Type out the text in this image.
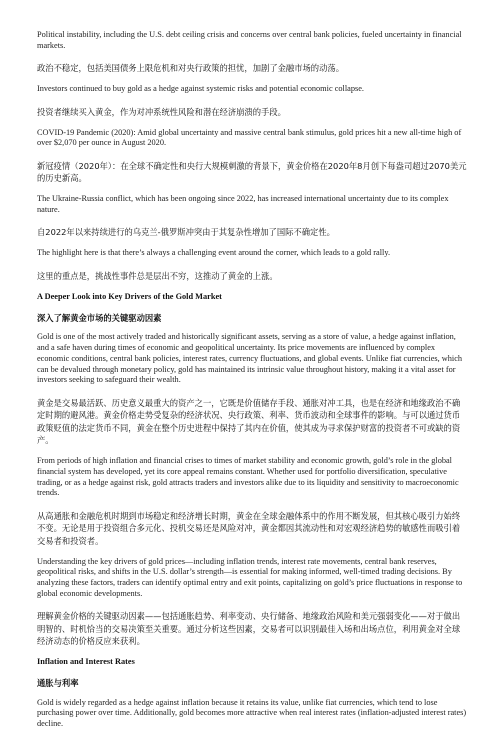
Political instability, including the U.S. debt ceiling crisis and concerns over central bank policies, fueled uncertainty in financial markets.

政治不稳定，包括美国债务上限危机和对央行政策的担忧，加剧了金融市场的动荡。

Investors continued to buy gold as a hedge against systemic risks and potential economic collapse.

投资者继续买入黄金，作为对冲系统性风险和潜在经济崩溃的手段。

COVID-19 Pandemic (2020): Amid global uncertainty and massive central bank stimulus, gold prices hit a new all-time high of over $2,070 per ounce in August 2020.

新冠疫情（2020年）：在全球不确定性和央行大规模刺激的背景下，黄金价格在2020年8月创下每盎司超过2070美元的历史新高。

The Ukraine-Russia conflict, which has been ongoing since 2022, has increased international uncertainty due to its complex nature.

自2022年以来持续进行的乌克兰-俄罗斯冲突由于其复杂性增加了国际不确定性。

The highlight here is that there’s always a challenging event around the corner, which leads to a gold rally.

这里的重点是，挑战性事件总是层出不穷，这推动了黄金的上涨。

A Deeper Look into Key Drivers of the Gold Market
深入了解黄金市场的关键驱动因素

Gold is one of the most actively traded and historically significant assets, serving as a store of value, a hedge against inflation, and a safe haven during times of economic and geopolitical uncertainty. Its price movements are influenced by complex economic conditions, central bank policies, interest rates, currency fluctuations, and global events. Unlike fiat currencies, which can be devalued through monetary policy, gold has maintained its intrinsic value throughout history, making it a vital asset for investors seeking to safeguard their wealth.

黄金是交易最活跃、历史意义最重大的资产之一，它既是价值储存手段、通胀对冲工具，也是在经济和地缘政治不确定时期的避风港。黄金价格走势受复杂的经济状况、央行政策、利率、货币波动和全球事件的影响。与可以通过货币政策贬值的法定货币不同，黄金在整个历史进程中保持了其内在价值，使其成为寻求保护财富的投资者不可或缺的资产。

From periods of high inflation and financial crises to times of market stability and economic growth, gold’s role in the global financial system has developed, yet its core appeal remains constant. Whether used for portfolio diversification, speculative trading, or as a hedge against risk, gold attracts traders and investors alike due to its liquidity and sensitivity to macroeconomic trends.

从高通胀和金融危机时期到市场稳定和经济增长时期，黄金在全球金融体系中的作用不断发展，但其核心吸引力始终不变。无论是用于投资组合多元化、投机交易还是风险对冲，黄金都因其流动性和对宏观经济趋势的敏感性而吸引着交易者和投资者。

Understanding the key drivers of gold prices—including inflation trends, interest rate movements, central bank reserves, geopolitical risks, and shifts in the U.S. dollar’s strength—is essential for making informed, well-timed trading decisions. By analyzing these factors, traders can identify optimal entry and exit points, capitalizing on gold’s price fluctuations in response to global economic developments.

理解黄金价格的关键驱动因素——包括通胀趋势、利率变动、央行储备、地缘政治风险和美元强弱变化——对于做出明智的、时机恰当的交易决策至关重要。通过分析这些因素，交易者可以识别最佳入场和出场点位，利用黄金对全球经济动态的价格反应来获利。

Inflation and Interest Rates
通胀与利率

Gold is widely regarded as a hedge against inflation because it retains its value, unlike fiat currencies, which tend to lose purchasing power over time. Additionally, gold becomes more attractive when real interest rates (inflation-adjusted interest rates) decline.
